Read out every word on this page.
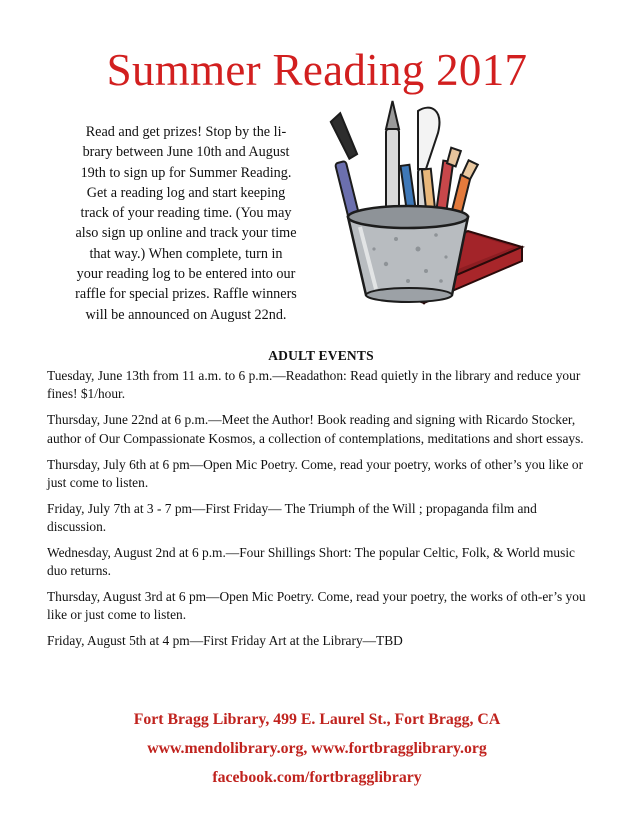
Summer Reading 2017
Read and get prizes! Stop by the li-
brary between June 10th and August
19th to sign up for Summer Reading.
Get a reading log and start keeping
track of your reading time. (You may
also sign up online and track your time
that way.) When complete, turn in
your reading log to be entered into our
raffle for special prizes. Raffle winners
will be announced on August 22nd.
ADULT EVENTS
Tuesday, June 13th from 11 a.m. to 6 p.m.—Readathon: Read quietly in the library and reduce your fines! $1/hour.
Thursday, June 22nd at 6 p.m.—Meet the Author! Book reading and signing with Ricardo Stocker, author of Our Compassionate Kosmos, a collection of contemplations, meditations and short essays.
Thursday, July 6th at 6 pm—Open Mic Poetry. Come, read your poetry, works of other’s you like or just come to listen.
Friday, July 7th at 3 - 7 pm—First Friday— The Triumph of the Will ; propaganda film and discussion.
Wednesday, August 2nd at 6 p.m.—Four Shillings Short: The popular Celtic, Folk, & World music duo returns.
Thursday, August 3rd at 6 pm—Open Mic Poetry. Come, read your poetry, the works of oth-er’s you like or just come to listen.
Friday, August 5th at 4 pm—First Friday Art at the Library—TBD
Fort Bragg Library, 499 E. Laurel St., Fort Bragg, CA
www.mendolibrary.org, www.fortbragglibrary.org
facebook.com/fortbragglibrary
